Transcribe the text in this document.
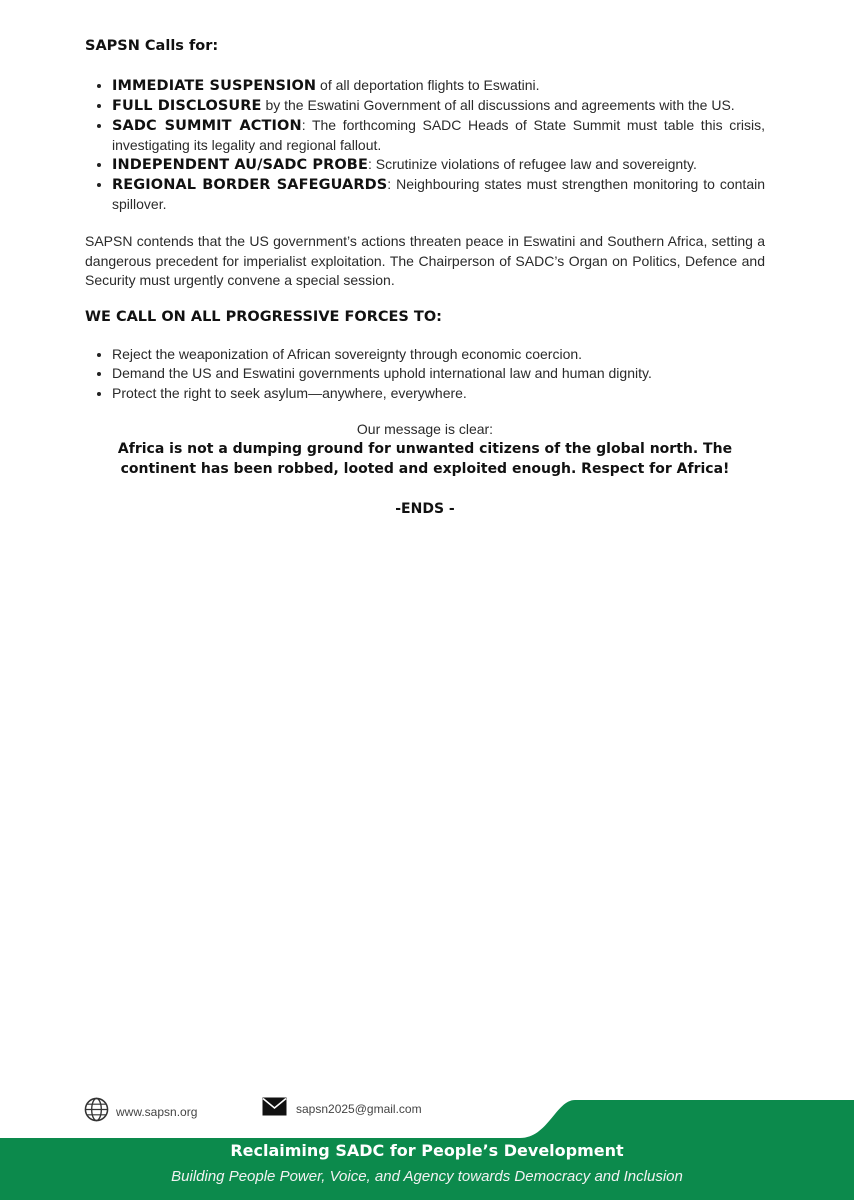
SAPSN Calls for:
IMMEDIATE SUSPENSION of all deportation flights to Eswatini.
FULL DISCLOSURE by the Eswatini Government of all discussions and agreements with the US.
SADC SUMMIT ACTION: The forthcoming SADC Heads of State Summit must table this crisis, investigating its legality and regional fallout.
INDEPENDENT AU/SADC PROBE: Scrutinize violations of refugee law and sovereignty.
REGIONAL BORDER SAFEGUARDS: Neighbouring states must strengthen monitoring to contain spillover.

SAPSN contends that the US government’s actions threaten peace in Eswatini and Southern Africa, setting a dangerous precedent for imperialist exploitation. The Chairperson of SADC’s Organ on Politics, Defence and Security must urgently convene a special session.

WE CALL ON ALL PROGRESSIVE FORCES TO:
Reject the weaponization of African sovereignty through economic coercion.
Demand the US and Eswatini governments uphold international law and human dignity.
Protect the right to seek asylum—anywhere, everywhere.
Our message is clear:
Africa is not a dumping ground for unwanted citizens of the global north. The continent has been robbed, looted and exploited enough. Respect for Africa!
-ENDS -
www.sapsn.org	sapsn2025@gmail.com
Reclaiming SADC for People’s Development
Building People Power, Voice, and Agency towards Democracy and Inclusion
